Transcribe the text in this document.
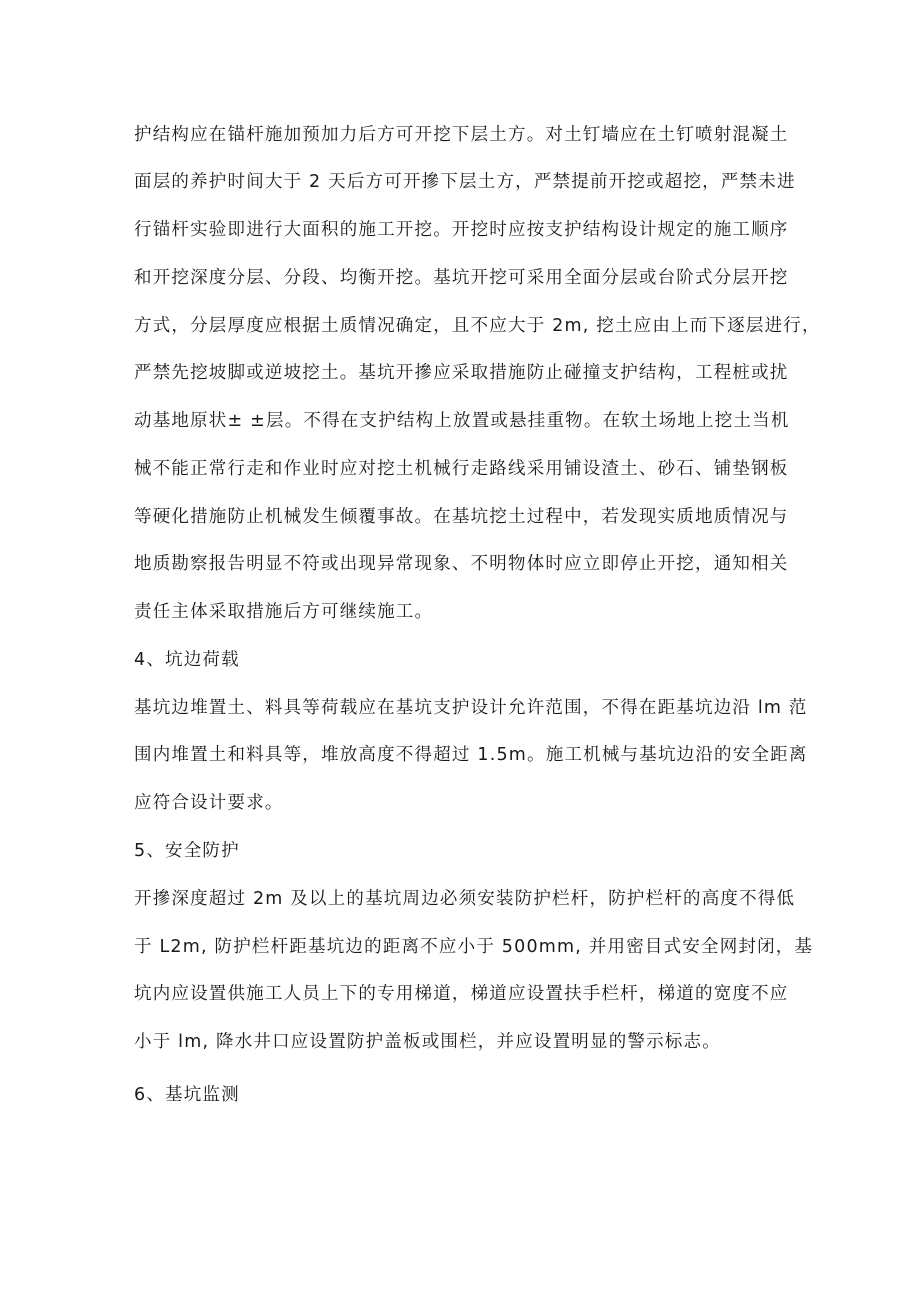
护结构应在锚杆施加预加力后方可开挖下层土方。对土钉墙应在土钉喷射混凝土
面层的养护时间大于 2 天后方可开摻下层土方，严禁提前开挖或超挖，严禁未进
行锚杆实验即进行大面积的施工开挖。开挖时应按支护结构设计规定的施工顺序
和开挖深度分层、分段、均衡开挖。基坑开挖可采用全面分层或台阶式分层开挖
方式，分层厚度应根据土质情况确定，且不应大于 2m, 挖土应由上而下逐层进行，
严禁先挖坡脚或逆坡挖土。基坑开摻应采取措施防止碰撞支护结构，工程桩或扰
动基地原状± ±层。不得在支护结构上放置或悬挂重物。在软土场地上挖土当机
械不能正常行走和作业时应对挖土机械行走路线采用铺设渣土、砂石、铺垫钢板
等硬化措施防止机械发生倾覆事故。在基坑挖土过程中，若发现实质地质情况与
地质勘察报告明显不符或出现异常现象、不明物体时应立即停止开挖，通知相关
责任主体采取措施后方可继续施工。
4、坑边荷载
基坑边堆置土、料具等荷载应在基坑支护设计允许范围，不得在距基坑边沿 lm 范
围内堆置土和料具等，堆放高度不得超过 1.5m。施工机械与基坑边沿的安全距离
应符合设计要求。
5、安全防护
开摻深度超过 2m 及以上的基坑周边必须安装防护栏杆，防护栏杆的高度不得低
于 L2m, 防护栏杆距基坑边的距离不应小于 500mm, 并用密目式安全网封闭，基
坑内应设置供施工人员上下的专用梯道，梯道应设置扶手栏杆，梯道的宽度不应
小于 lm, 降水井口应设置防护盖板或围栏，并应设置明显的警示标志。
6、基坑监测
